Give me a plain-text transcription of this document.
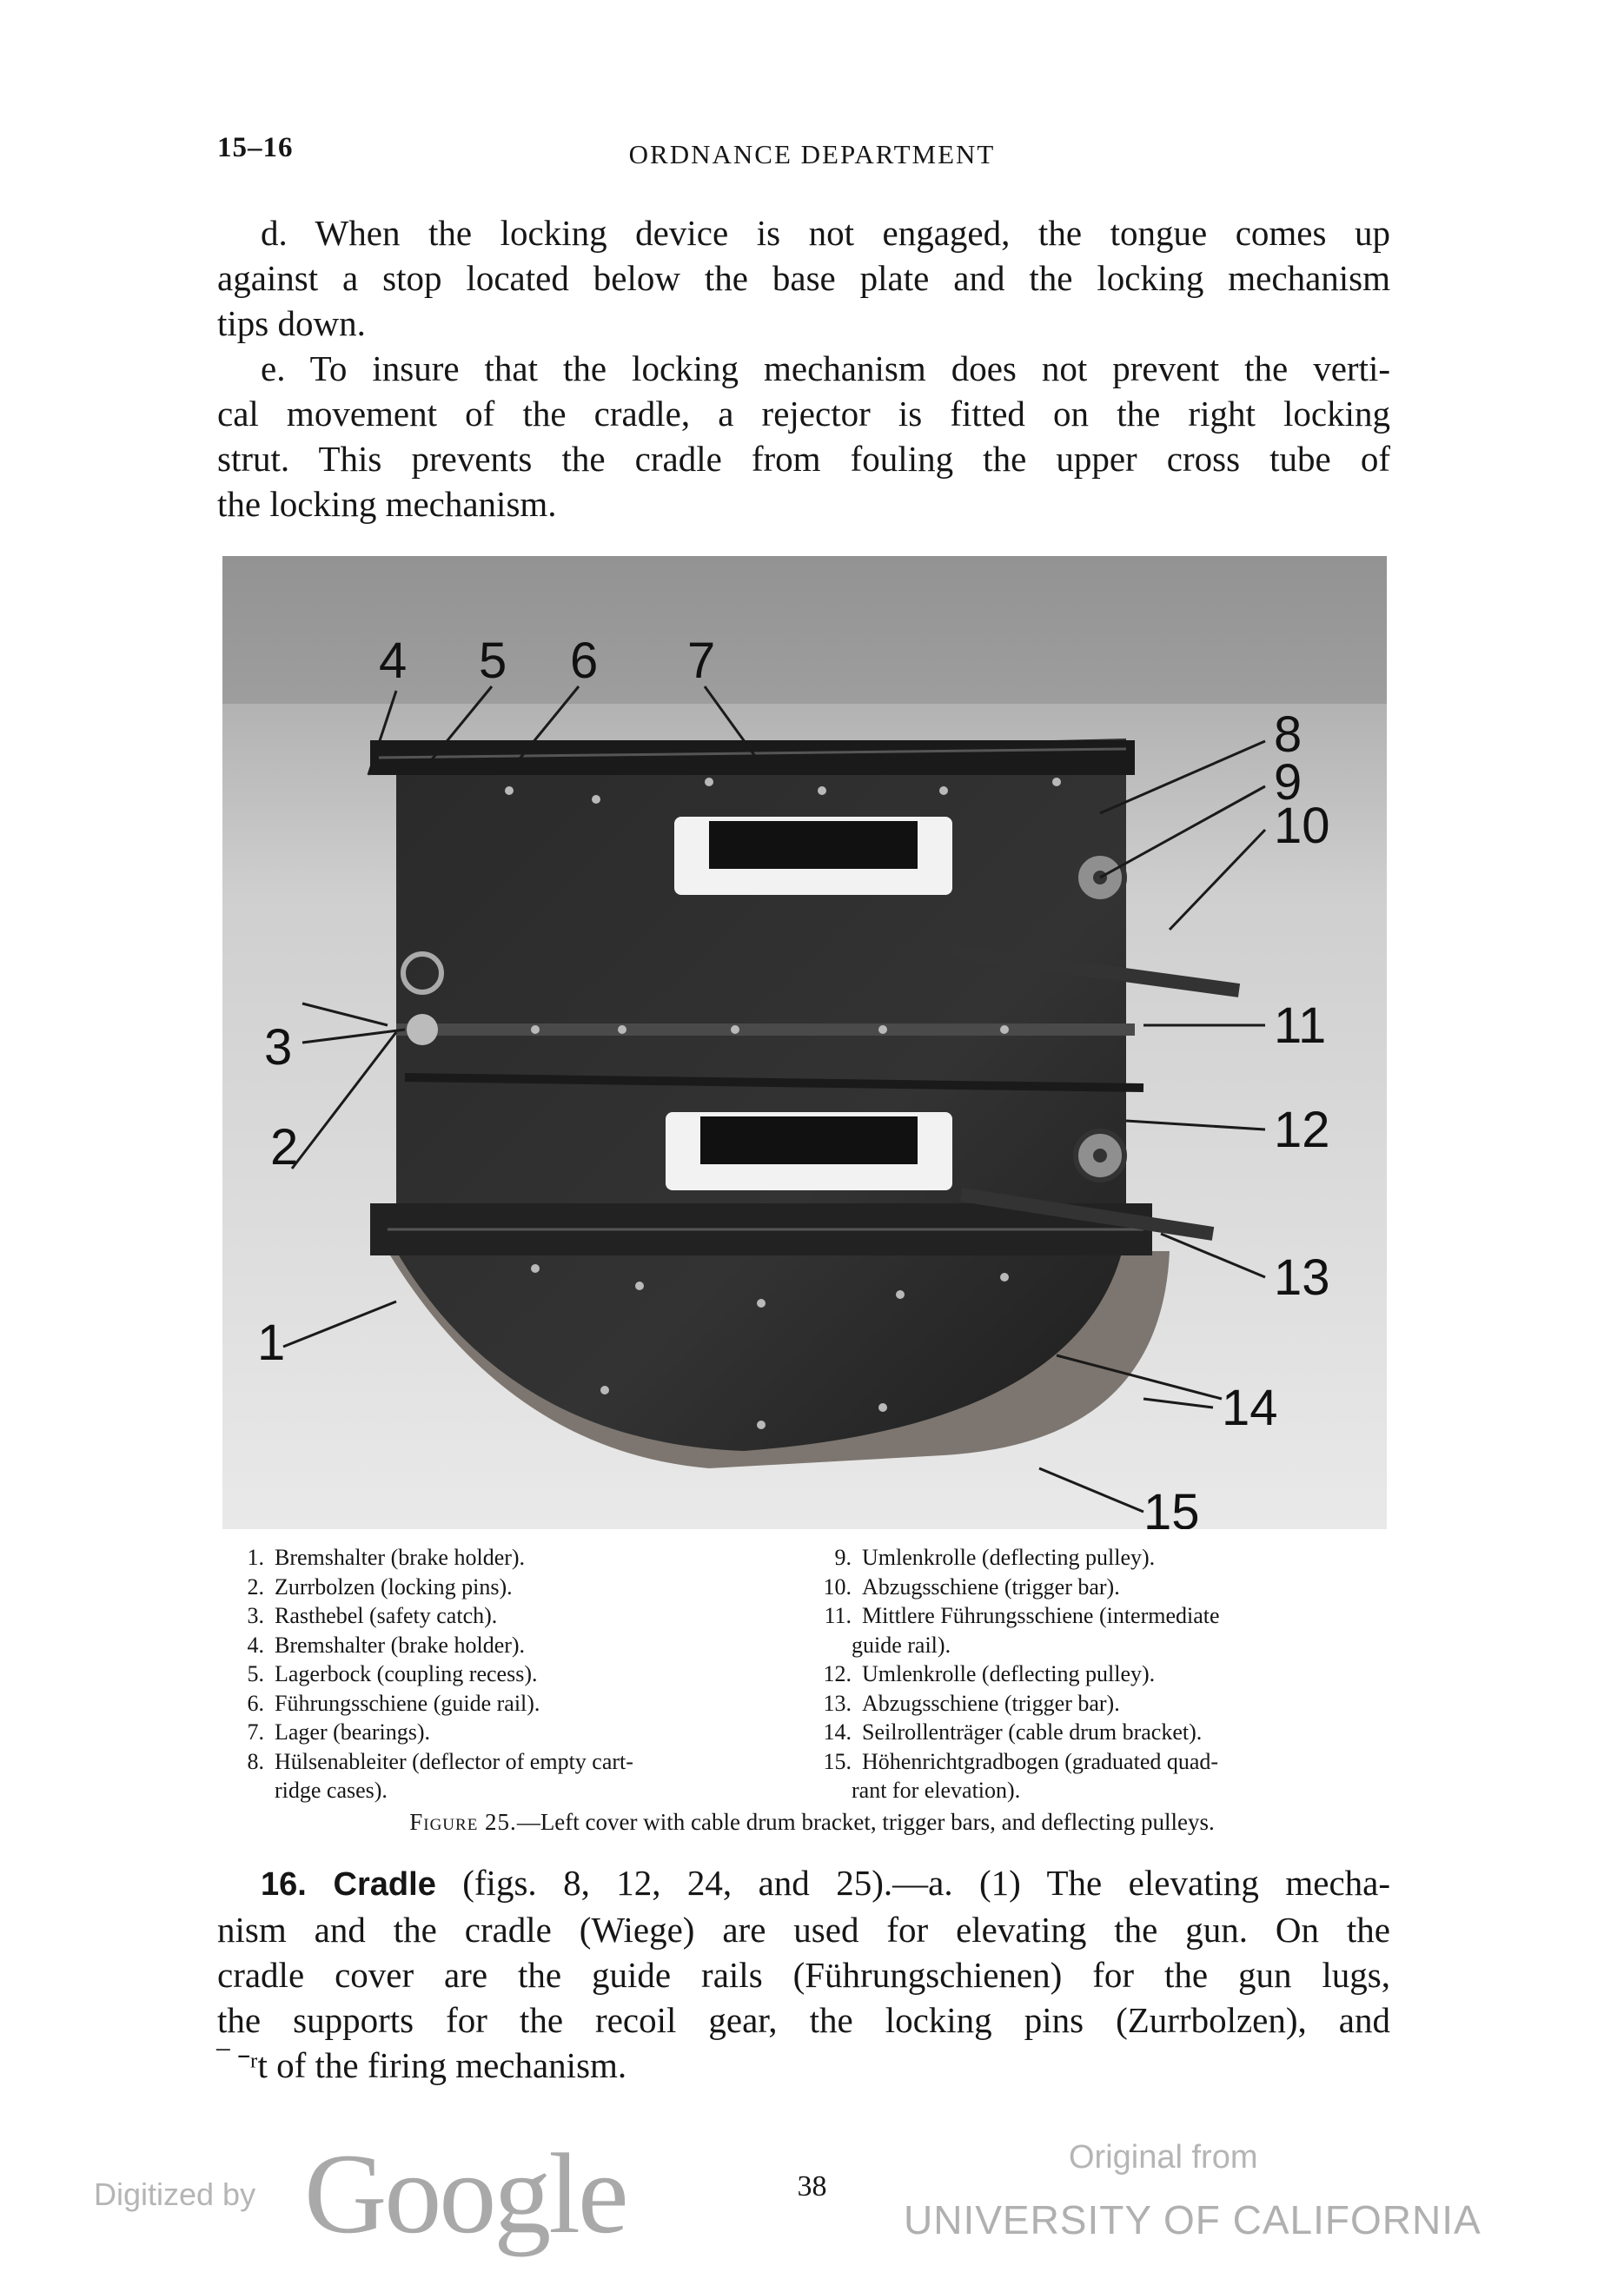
15–16	ORDNANCE DEPARTMENT
d. When the locking device is not engaged, the tongue comes up
against a stop located below the base plate and the locking mechanism
tips down.
e. To insure that the locking mechanism does not prevent the verti-
cal movement of the cradle, a rejector is fitted on the right locking
strut. This prevents the cradle from fouling the upper cross tube of
the locking mechanism.
3
2
1
4 5 6 7
8
9
10
11
12
13
14
15
1. Bremshalter (brake holder).
2. Zurrbolzen (locking pins).
3. Rasthebel (safety catch).
4. Bremshalter (brake holder).
5. Lagerbock (coupling recess).
6. Führungsschiene (guide rail).
7. Lager (bearings).
8. Hülsenableiter (deflector of empty cart-
ridge cases).
9. Umlenkrolle (deflecting pulley).
10. Abzugsschiene (trigger bar).
11. Mittlere Führungsschiene (intermediate
guide rail).
12. Umlenkrolle (deflecting pulley).
13. Abzugsschiene (trigger bar).
14. Seilrollenträger (cable drum bracket).
15. Höhenrichtgradbogen (graduated quad-
rant for elevation).
Figure 25.—Left cover with cable drum bracket, trigger bars, and deflecting pulleys.
16. Cradle (figs. 8, 12, 24, and 25).—a. (1) The elevating mecha-
nism and the cradle (Wiege) are used for elevating the gun. On the
cradle cover are the guide rails (Führungschienen) for the gun lugs,
the supports for the recoil gear, the locking pins (Zurrbolzen), and
‾ ˉʳt of the firing mechanism.
38
Digitized by Google	Original from
UNIVERSITY OF CALIFORNIA
